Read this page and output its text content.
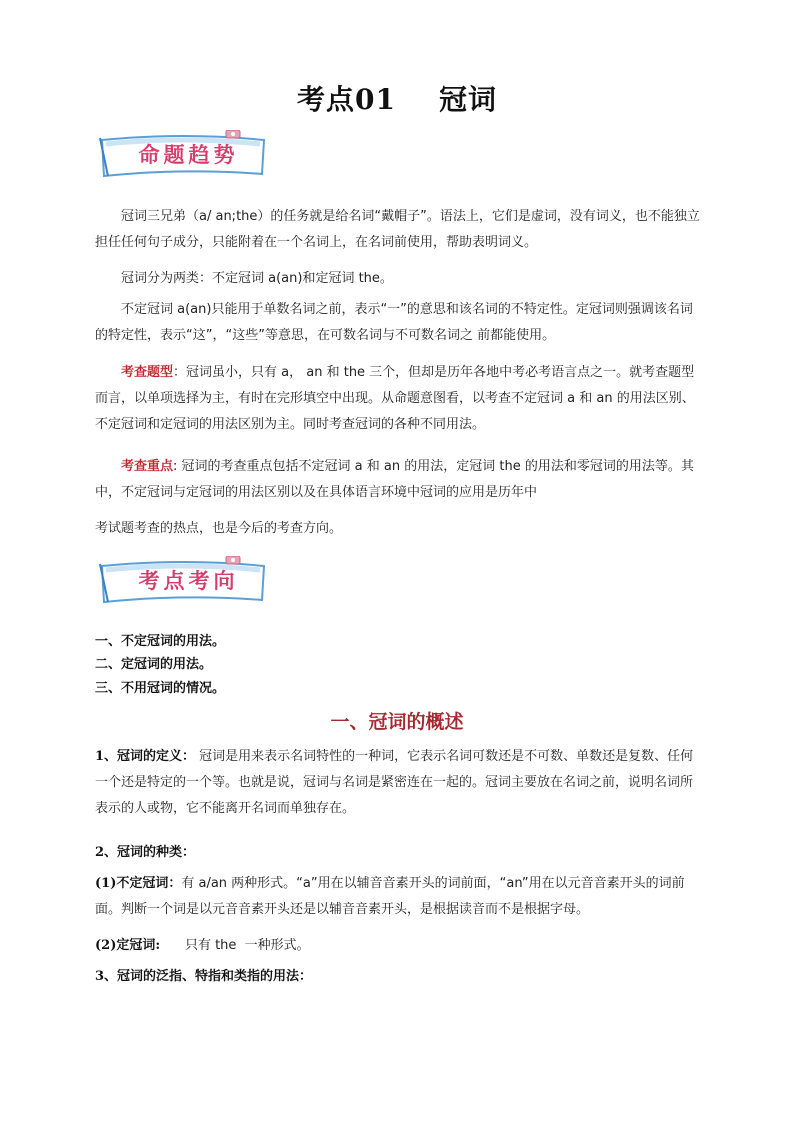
考点01    冠词
命题趋势
冠词三兄弟（a/ an;the）的任务就是给名词“戴帽子”。语法上，它们是虚词，没有词义，也不能独立担任任何句子成分，只能附着在一个名词上，在名词前使用，帮助表明词义。
冠词分为两类：不定冠词 a(an)和定冠词 the。
不定冠词 a(an)只能用于单数名词之前，表示“一”的意思和该名词的不特定性。定冠词则强调该名词的特定性，表示“这”，“这些”等意思，在可数名词与不可数名词之 前都能使用。
考查题型：冠词虽小，只有 a， an 和 the 三个，但却是历年各地中考必考语言点之一。就考查题型而言，以单项选择为主，有时在完形填空中出现。从命题意图看，以考查不定冠词 a 和 an 的用法区别、不定冠词和定冠词的用法区别为主。同时考查冠词的各种不同用法。
考查重点: 冠词的考查重点包括不定冠词 a 和 an 的用法，定冠词 the 的用法和零冠词的用法等。其中，不定冠词与定冠词的用法区别以及在具体语言环境中冠词的应用是历年中
考试题考查的热点，也是今后的考查方向。
考点考向
一、不定冠词的用法。
二、定冠词的用法。
三、不用冠词的情况。
一、冠词的概述
1、冠词的定义： 冠词是用来表示名词特性的一种词，它表示名词可数还是不可数、单数还是复数、任何一个还是特定的一个等。也就是说，冠词与名词是紧密连在一起的。冠词主要放在名词之前，说明名词所表示的人或物，它不能离开名词而单独存在。
2、冠词的种类：
(1)不定冠词：有 a/an 两种形式。“a”用在以辅音音素开头的词前面，“an”用在以元音音素开头的词前面。判断一个词是以元音音素开头还是以辅音音素开头，是根据读音而不是根据字母。
(2)定冠词:      只有 the  一种形式。
3、冠词的泛指、特指和类指的用法：
